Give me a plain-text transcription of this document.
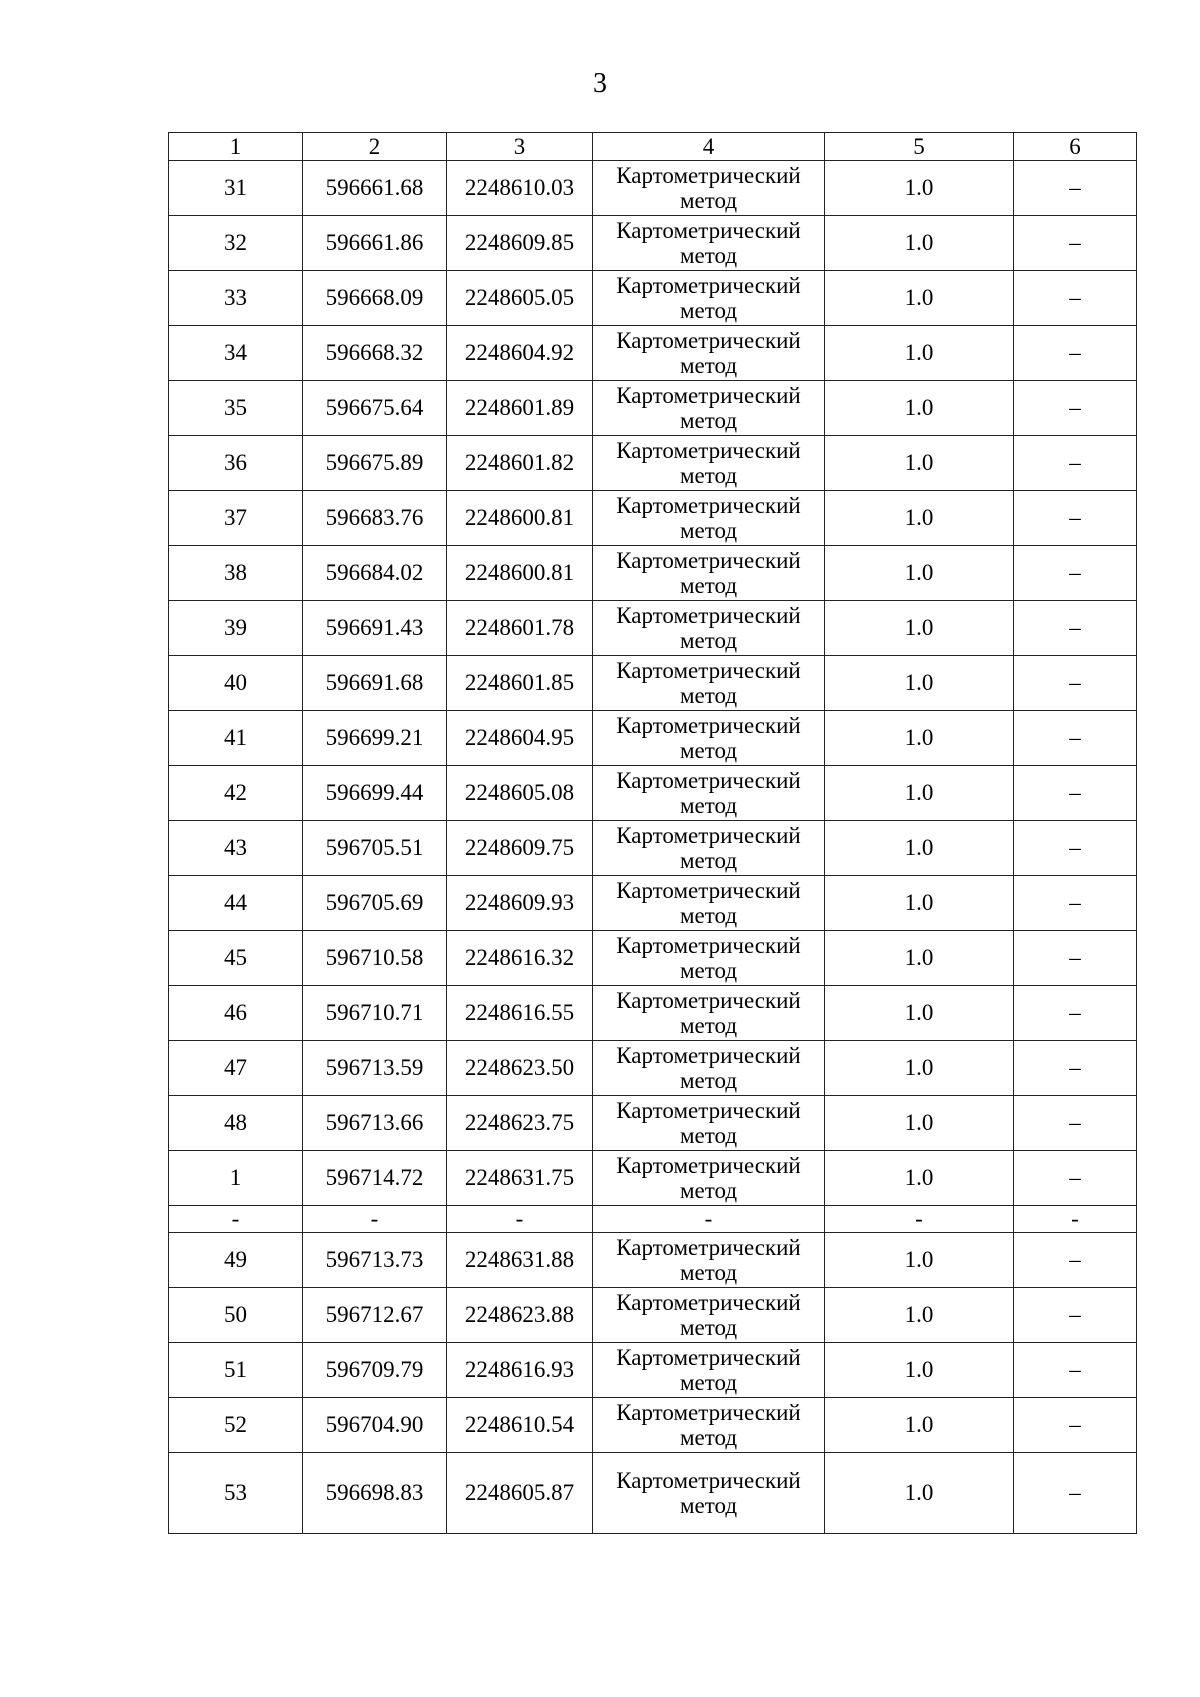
3
1	2	3	4	5	6
31	596661.68	2248610.03	Картометрический метод	1.0	–
32	596661.86	2248609.85	Картометрический метод	1.0	–
33	596668.09	2248605.05	Картометрический метод	1.0	–
34	596668.32	2248604.92	Картометрический метод	1.0	–
35	596675.64	2248601.89	Картометрический метод	1.0	–
36	596675.89	2248601.82	Картометрический метод	1.0	–
37	596683.76	2248600.81	Картометрический метод	1.0	–
38	596684.02	2248600.81	Картометрический метод	1.0	–
39	596691.43	2248601.78	Картометрический метод	1.0	–
40	596691.68	2248601.85	Картометрический метод	1.0	–
41	596699.21	2248604.95	Картометрический метод	1.0	–
42	596699.44	2248605.08	Картометрический метод	1.0	–
43	596705.51	2248609.75	Картометрический метод	1.0	–
44	596705.69	2248609.93	Картометрический метод	1.0	–
45	596710.58	2248616.32	Картометрический метод	1.0	–
46	596710.71	2248616.55	Картометрический метод	1.0	–
47	596713.59	2248623.50	Картометрический метод	1.0	–
48	596713.66	2248623.75	Картометрический метод	1.0	–
1	596714.72	2248631.75	Картометрический метод	1.0	–
-	-	-	-	-	-
49	596713.73	2248631.88	Картометрический метод	1.0	–
50	596712.67	2248623.88	Картометрический метод	1.0	–
51	596709.79	2248616.93	Картометрический метод	1.0	–
52	596704.90	2248610.54	Картометрический метод	1.0	–
53	596698.83	2248605.87	Картометрический метод	1.0	–
